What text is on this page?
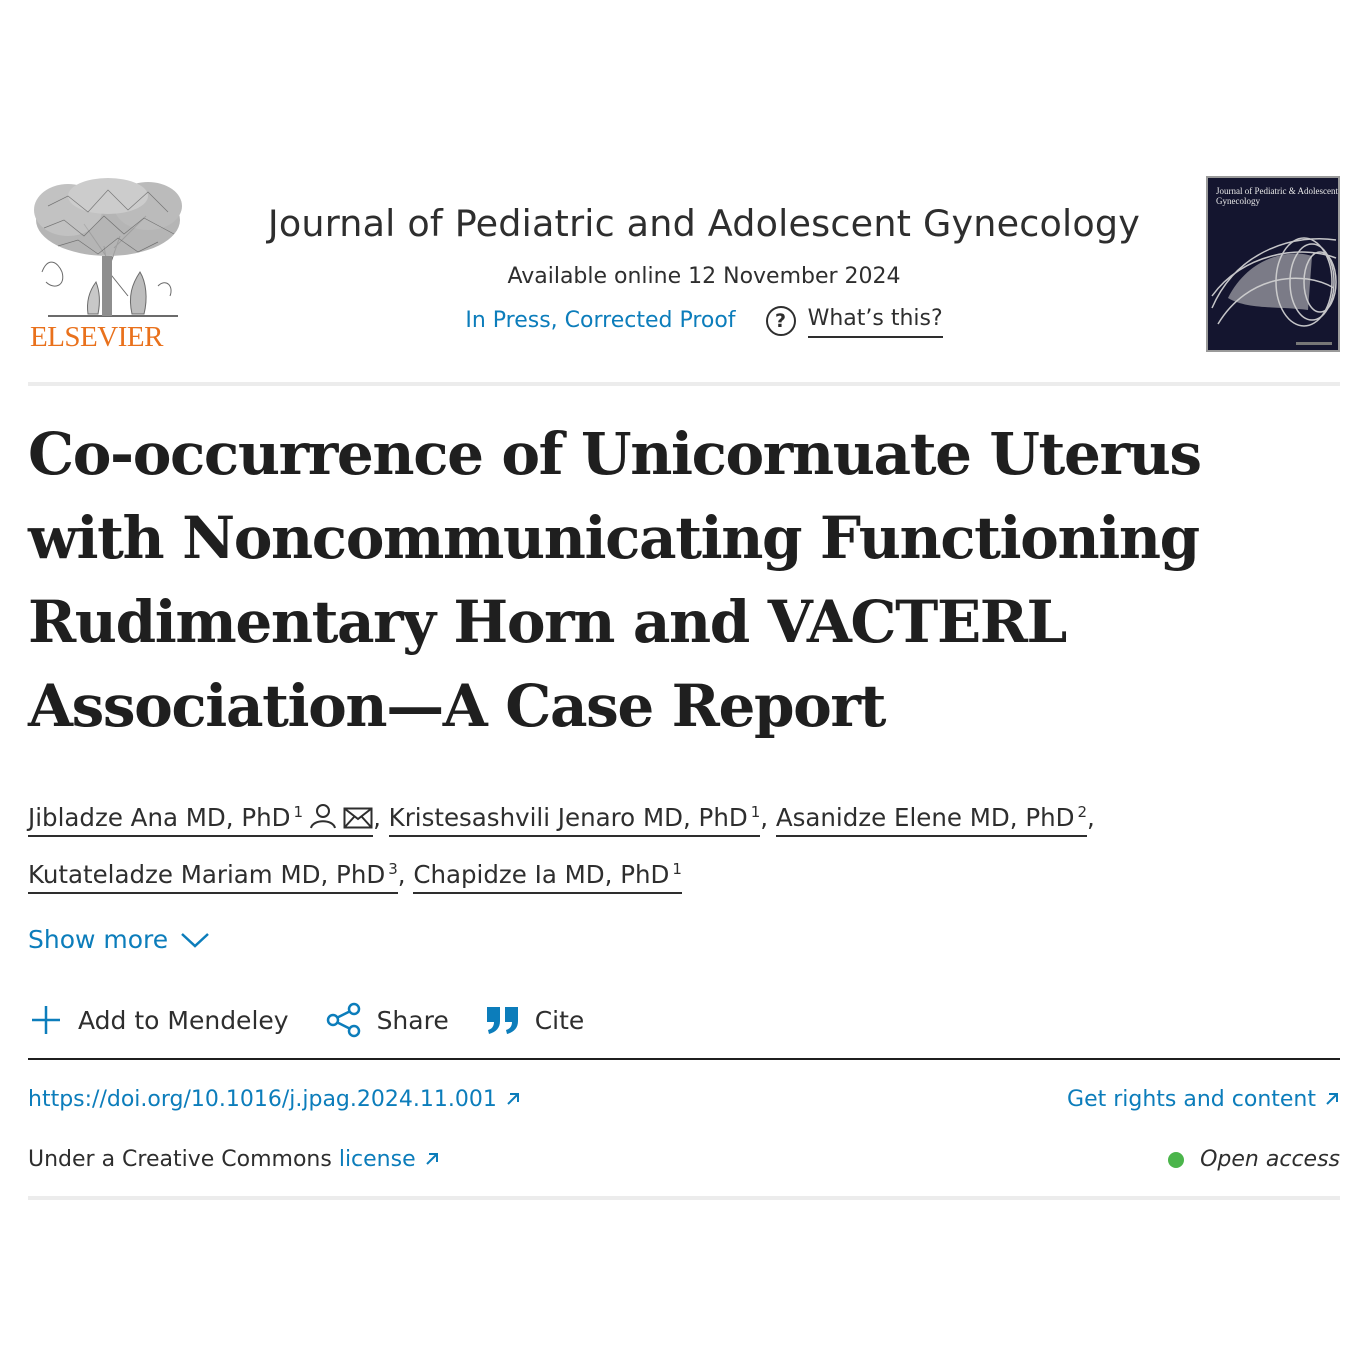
ELSEVIER
Journal of Pediatric and Adolescent Gynecology
Available online 12 November 2024
In Press, Corrected Proof	? What’s this?
Journal of Pediatric & Adolescent Gynecology
Co-occurrence of Unicornuate Uterus with Noncommunicating Functioning Rudimentary Horn and VACTERL Association—A Case Report
Jibladze Ana MD, PhD $^1$	, Kristesashvili Jenaro MD, PhD $^1$, Asanidze Elene MD, PhD $^2$,
Kutateladze Mariam MD, PhD $^3$, Chapidze Ia MD, PhD $^1$
Show more
Add to Mendeley	Share	Cite
https://doi.org/10.1016/j.jpag.2024.11.001	Get rights and content
Under a Creative Commons license	Open access
